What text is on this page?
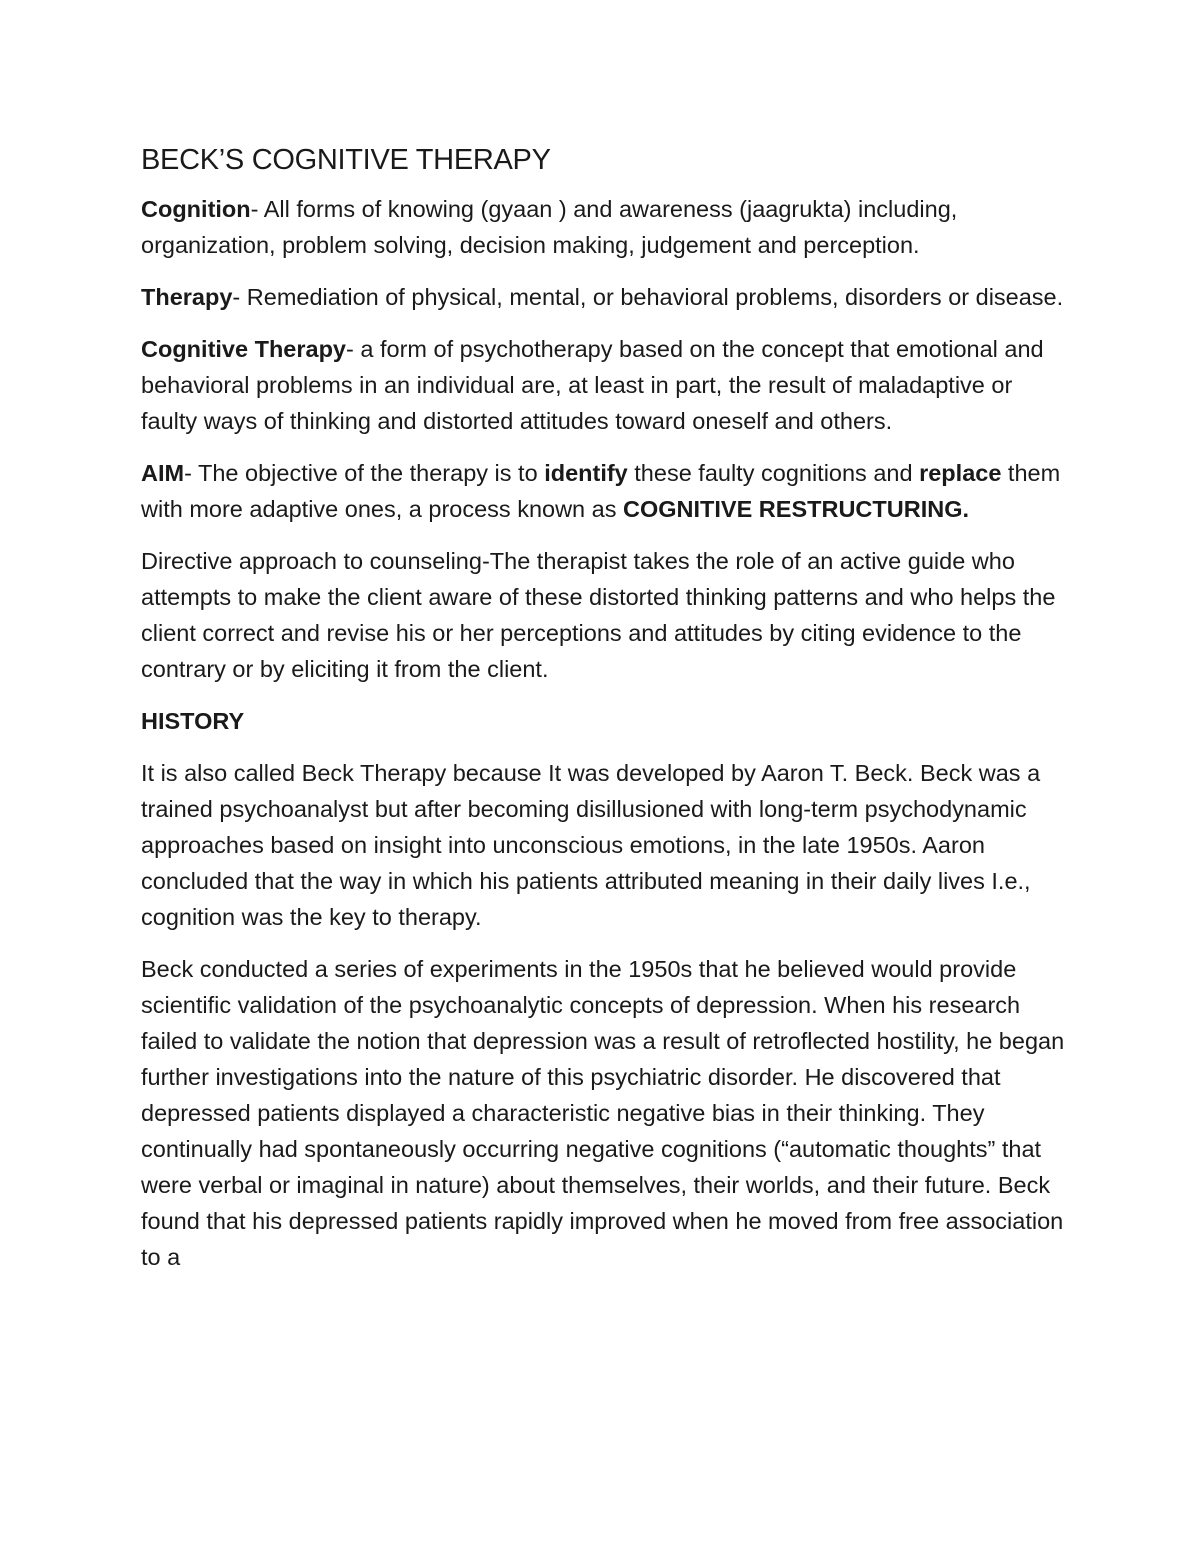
BECK’S COGNITIVE THERAPY

Cognition- All forms of knowing (gyaan ) and awareness (jaagrukta) including, organization, problem solving, decision making, judgement and perception.

Therapy- Remediation of physical, mental, or behavioral problems, disorders or disease.

Cognitive Therapy- a form of psychotherapy based on the concept that emotional and behavioral problems in an individual are, at least in part, the result of maladaptive or faulty ways of thinking and distorted attitudes toward oneself and others.

AIM- The objective of the therapy is to identify these faulty cognitions and replace them with more adaptive ones, a process known as COGNITIVE RESTRUCTURING.

Directive approach to counseling-The therapist takes the role of an active guide who attempts to make the client aware of these distorted thinking patterns and who helps the client correct and revise his or her perceptions and attitudes by citing evidence to the contrary or by eliciting it from the client.

HISTORY

It is also called Beck Therapy because It was developed by Aaron T. Beck. Beck was a trained psychoanalyst but after becoming disillusioned with long-term psychodynamic approaches based on insight into unconscious emotions, in the late 1950s. Aaron concluded that the way in which his patients attributed meaning in their daily lives I.e., cognition was the key to therapy.

Beck conducted a series of experiments in the 1950s that he believed would provide scientific validation of the psychoanalytic concepts of depression. When his research failed to validate the notion that depression was a result of retroflected hostility, he began further investigations into the nature of this psychiatric disorder. He discovered that depressed patients displayed a characteristic negative bias in their thinking. They continually had spontaneously occurring negative cognitions (“automatic thoughts” that were verbal or imaginal in nature) about themselves, their worlds, and their future. Beck found that his depressed patients rapidly improved when he moved from free association to a
